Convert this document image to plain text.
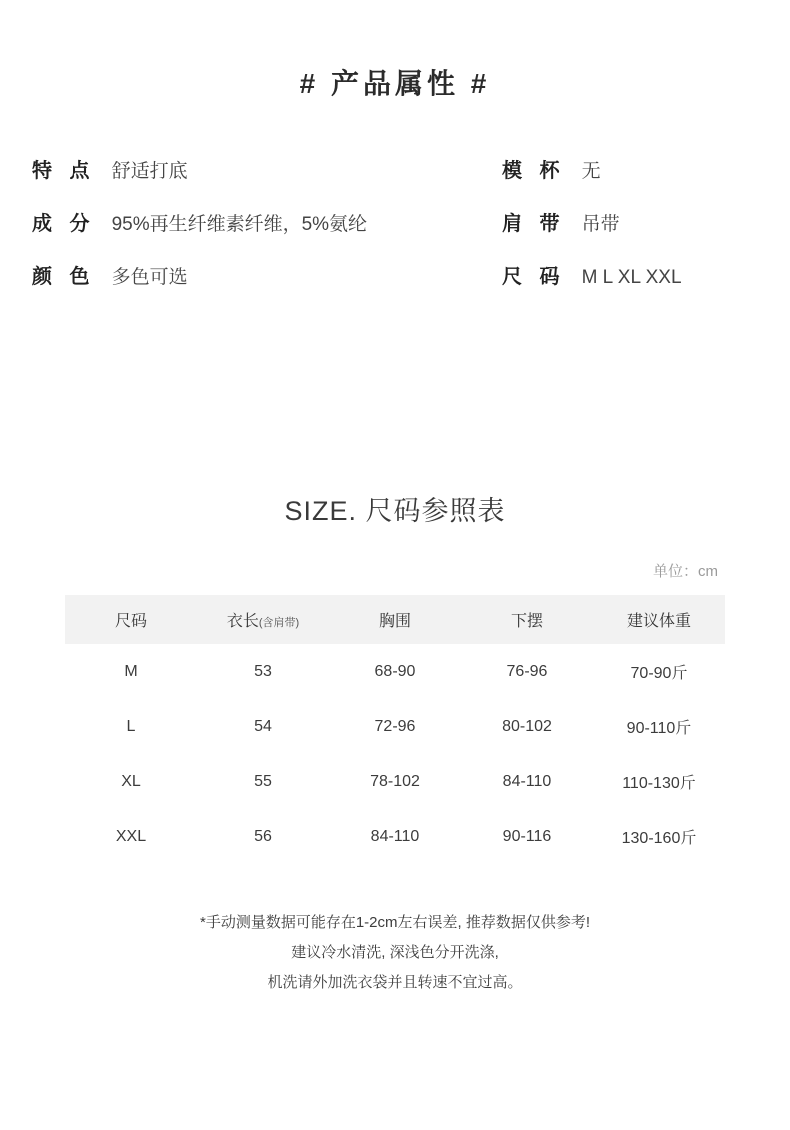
# 产品属性 #
特 点 舒适打底	模 杯 无
成 分 95%再生纤维素纤维，5%氨纶	肩 带 吊带
颜 色 多色可选	尺 码 M L XL XXL
SIZE. 尺码参照表
单位：cm
尺码	衣长(含肩带)	胸围	下摆	建议体重
M	53	68-90	76-96	70-90斤
L	54	72-96	80-102	90-110斤
XL	55	78-102	84-110	110-130斤
XXL	56	84-110	90-116	130-160斤
*手动测量数据可能存在1-2cm左右误差, 推荐数据仅供参考!
建议冷水清洗, 深浅色分开洗涤,
机洗请外加洗衣袋并且转速不宜过高。
